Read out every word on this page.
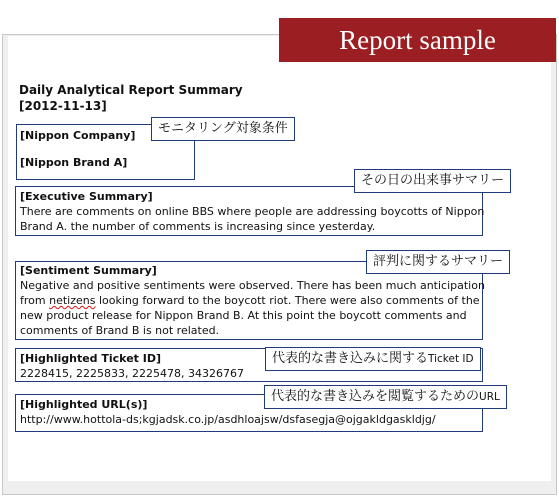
Report sample
Daily Analytical Report Summary
[2012-11-13]
[Nippon Company]
[Nippon Brand A]
モニタリング対象条件
[Executive Summary]
There are comments on online BBS where people are addressing boycotts of Nippon
Brand A. the number of comments is increasing since yesterday.
その日の出来事サマリー
[Sentiment Summary]
Negative and positive sentiments were observed. There has been much anticipation
from netizens looking forward to the boycott riot. There were also comments of the
new product release for Nippon Brand B. At this point the boycott comments and
comments of Brand B is not related.
評判に関するサマリー
[Highlighted Ticket ID]
2228415, 2225833, 2225478, 34326767
代表的な書き込みに関するTicket ID
[Highlighted URL(s)]
http://www.hottola-ds;kgjadsk.co.jp/asdhloajsw/dsfasegja@ojgakldgaskldjg/
代表的な書き込みを閲覧するためのURL
